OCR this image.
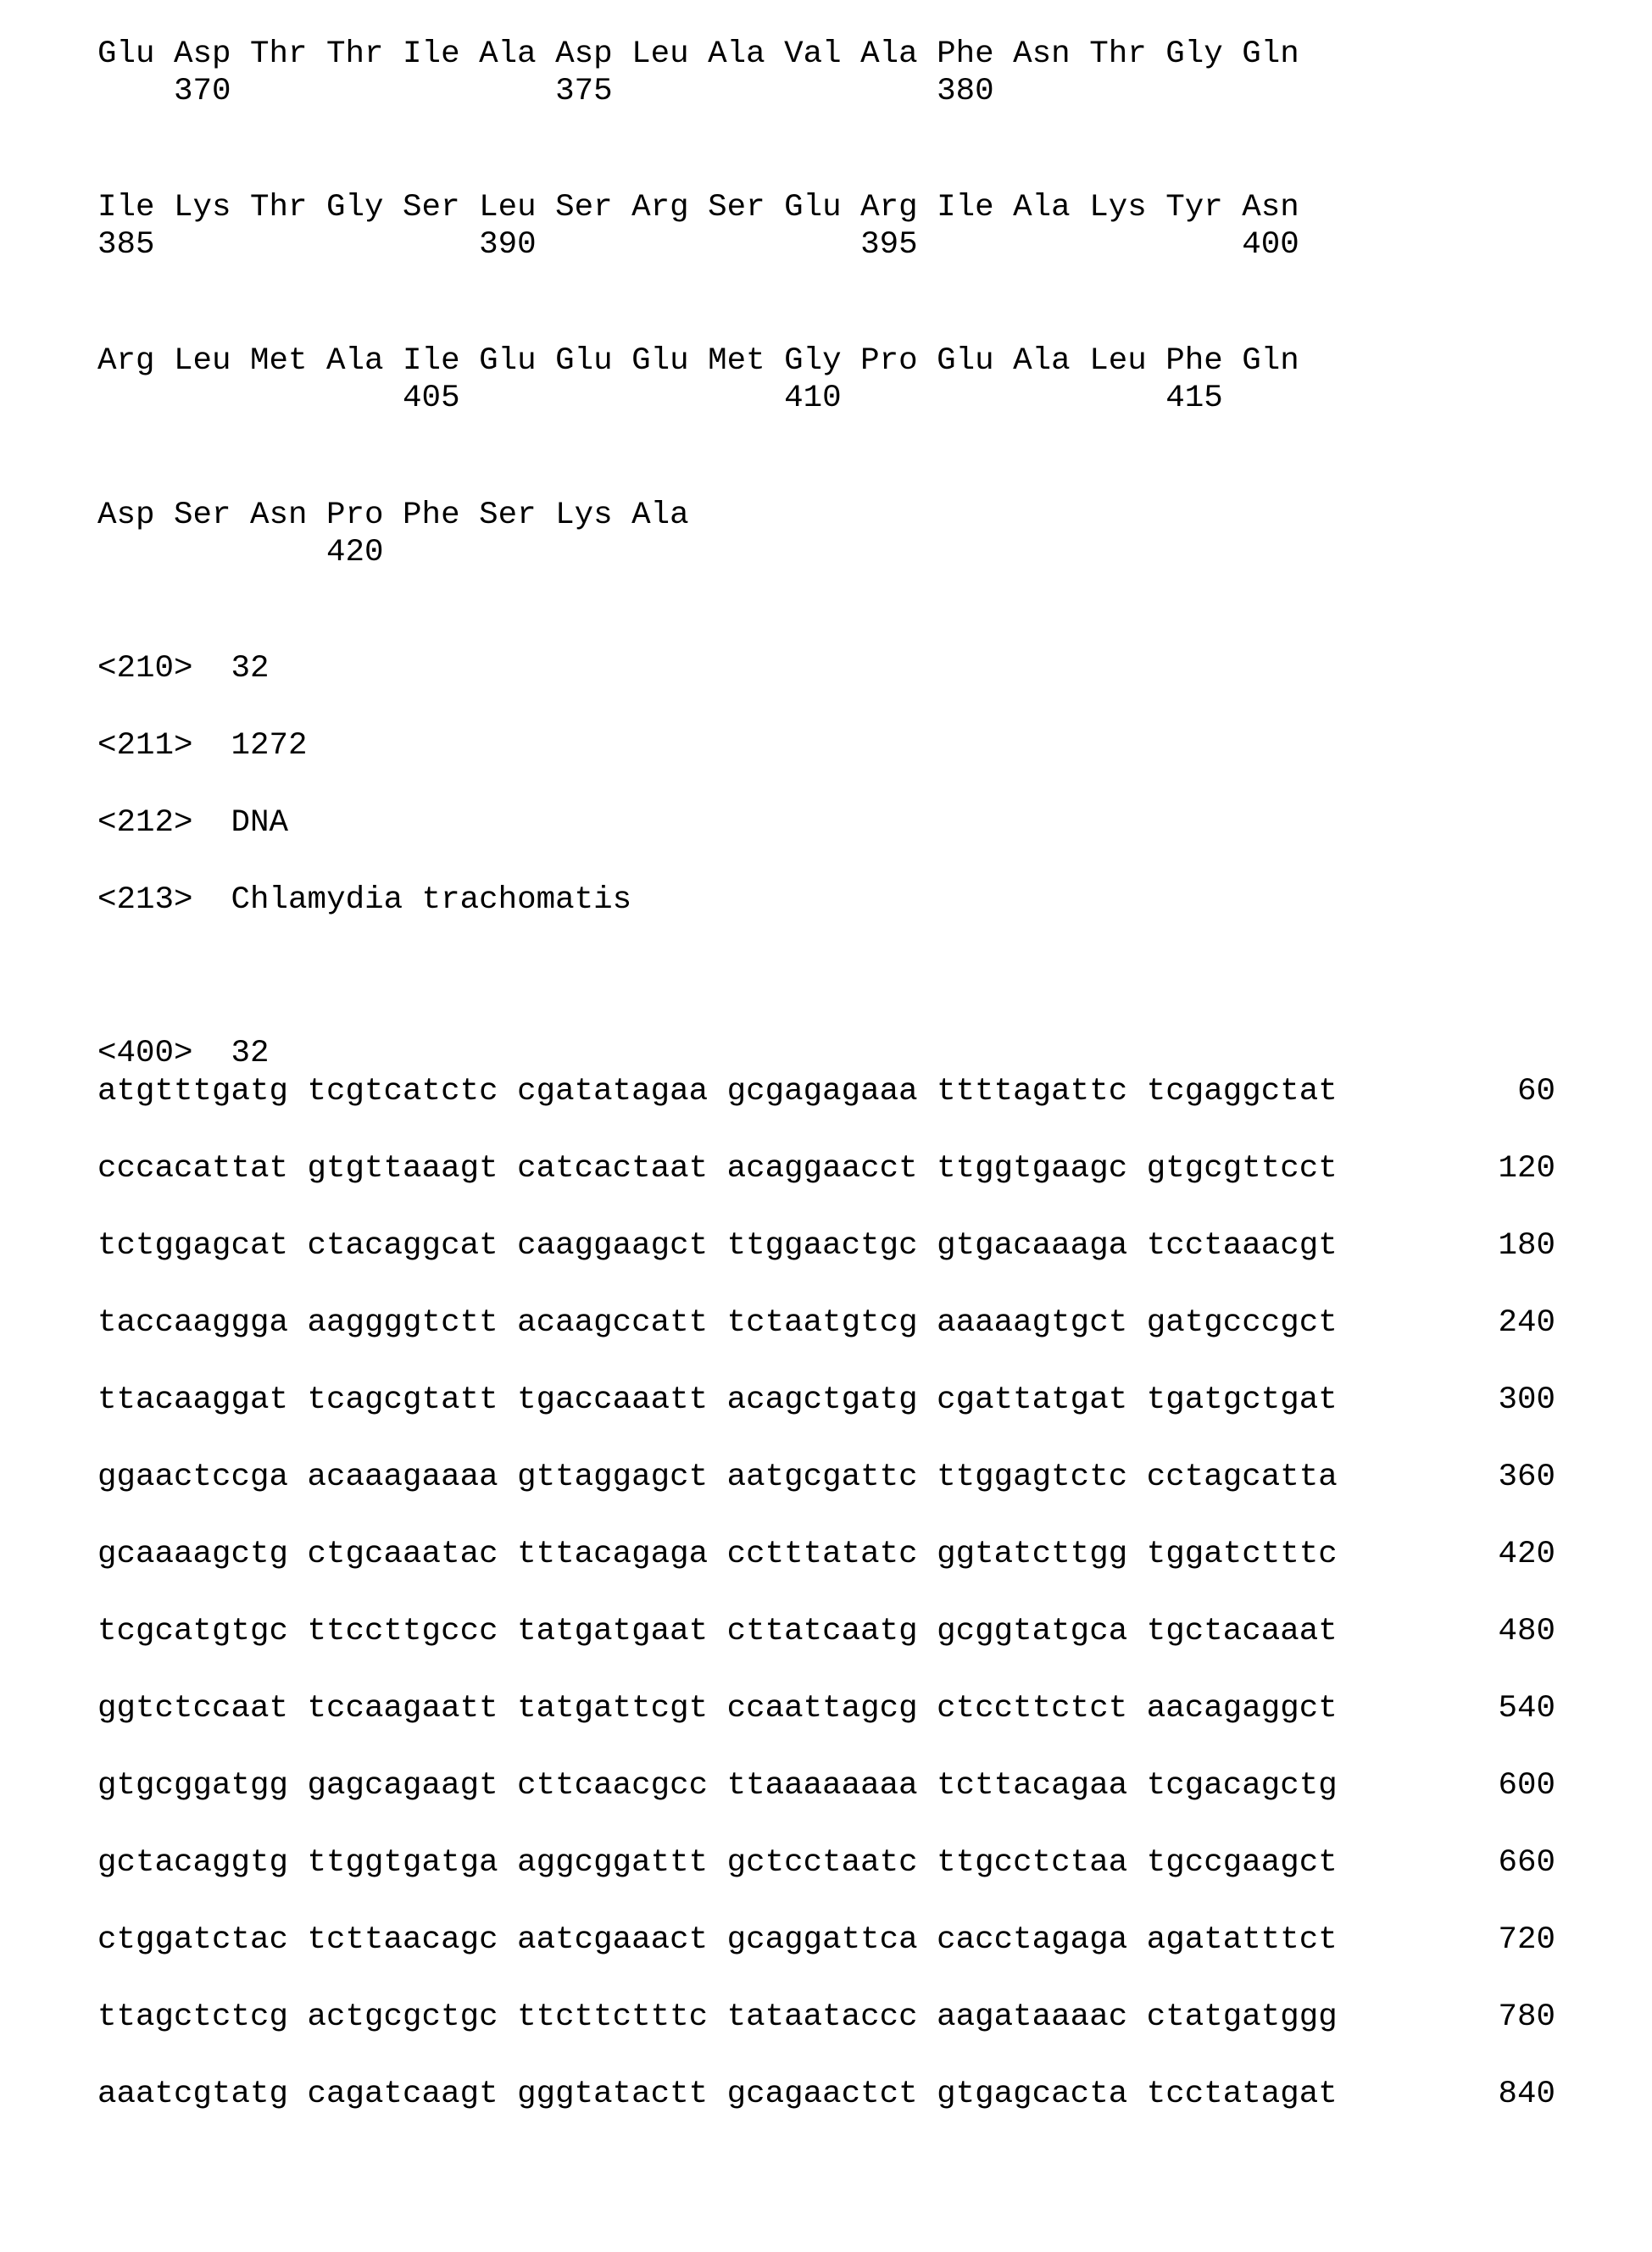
Glu Asp Thr Thr Ile Ala Asp Leu Ala Val Ala Phe Asn Thr Gly Gln
370                 375                 380
Ile Lys Thr Gly Ser Leu Ser Arg Ser Glu Arg Ile Ala Lys Tyr Asn
385                 390                 395                 400
Arg Leu Met Ala Ile Glu Glu Glu Met Gly Pro Glu Ala Leu Phe Gln
405                 410                 415
Asp Ser Asn Pro Phe Ser Lys Ala
420
<210> 32
<211> 1272
<212> DNA
<213> Chlamydia trachomatis
<400> 32
atgtttgatg tcgtcatctc cgatatagaa gcgagagaaa ttttagattc tcgaggctat	60
cccacattat gtgttaaagt catcactaat acaggaacct ttggtgaagc gtgcgttcct	120
tctggagcat ctacaggcat caaggaagct ttggaactgc gtgacaaaga tcctaaacgt	180
taccaaggga aaggggtctt acaagccatt tctaatgtcg aaaaagtgct gatgcccgct	240
ttacaaggat tcagcgtatt tgaccaaatt acagctgatg cgattatgat tgatgctgat	300
ggaactccga acaaagaaaa gttaggagct aatgcgattc ttggagtctc cctagcatta	360
gcaaaagctg ctgcaaatac tttacagaga cctttatatc ggtatcttgg tggatctttc	420
tcgcatgtgc ttccttgccc tatgatgaat cttatcaatg gcggtatgca tgctacaaat	480
ggtctccaat tccaagaatt tatgattcgt ccaattagcg ctccttctct aacagaggct	540
gtgcggatgg gagcagaagt cttcaacgcc ttaaaaaaaa tcttacagaa tcgacagctg	600
gctacaggtg ttggtgatga aggcggattt gctcctaatc ttgcctctaa tgccgaagct	660
ctggatctac tcttaacagc aatcgaaact gcaggattca cacctagaga agatatttct	720
ttagctctcg actgcgctgc ttcttctttc tataataccc aagataaaac ctatgatggg	780
aaatcgtatg cagatcaagt gggtatactt gcagaactct gtgagcacta tcctatagat	840
